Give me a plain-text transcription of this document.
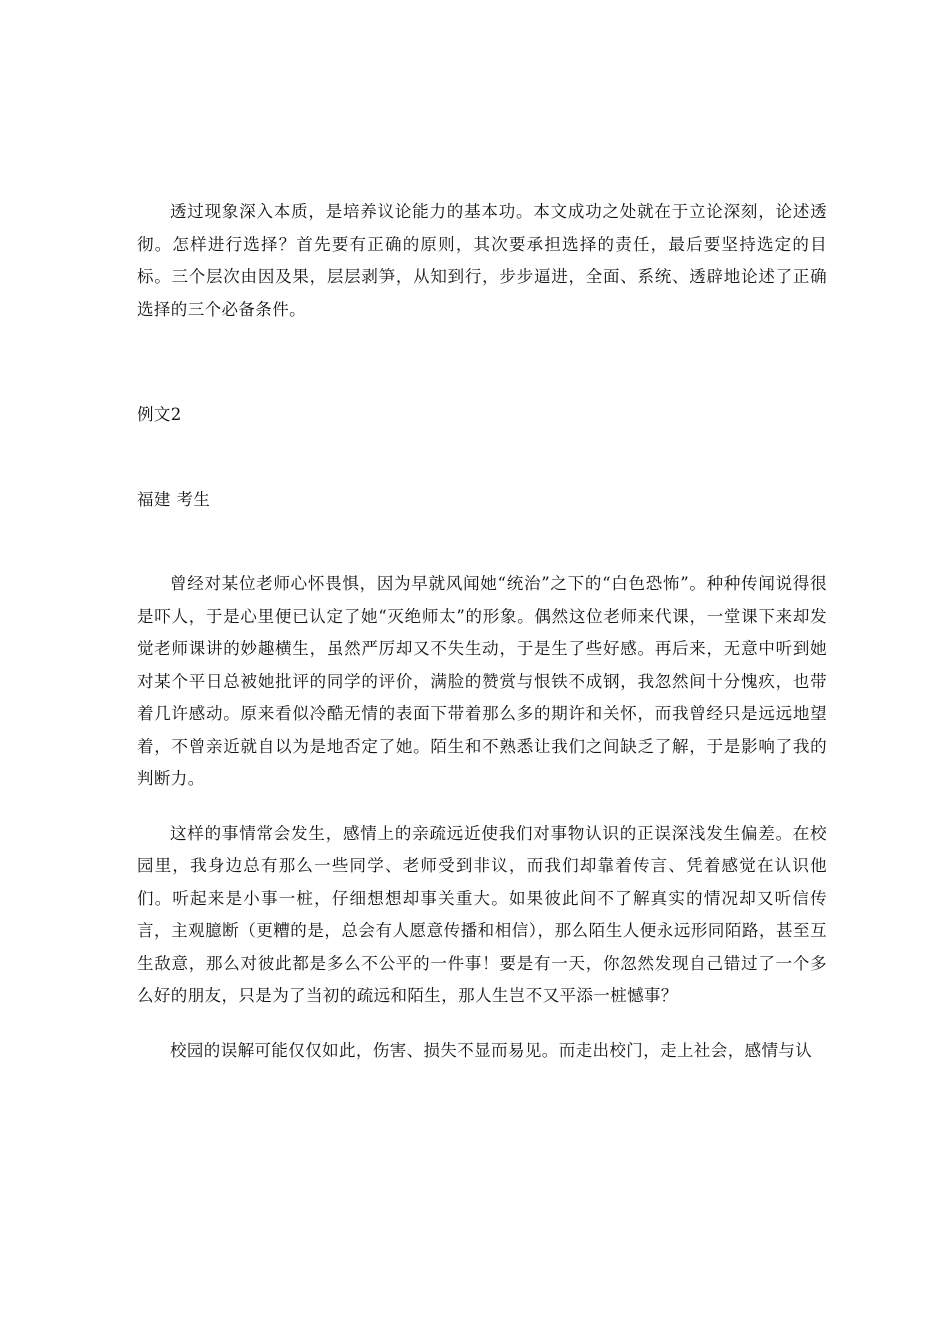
透过现象深入本质，是培养议论能力的基本功。本文成功之处就在于立论深刻，论述透彻。怎样进行选择？首先要有正确的原则，其次要承担选择的责任，最后要坚持选定的目标。三个层次由因及果，层层剥笋，从知到行，步步逼进，全面、系统、透辟地论述了正确选择的三个必备条件。

例文2

福建 考生

曾经对某位老师心怀畏惧，因为早就风闻她“统治”之下的“白色恐怖”。种种传闻说得很是吓人，于是心里便已认定了她“灭绝师太”的形象。偶然这位老师来代课，一堂课下来却发觉老师课讲的妙趣横生，虽然严厉却又不失生动，于是生了些好感。再后来，无意中听到她对某个平日总被她批评的同学的评价，满脸的赞赏与恨铁不成钢，我忽然间十分愧疚，也带着几许感动。原来看似冷酷无情的表面下带着那么多的期许和关怀，而我曾经只是远远地望着，不曾亲近就自以为是地否定了她。陌生和不熟悉让我们之间缺乏了解，于是影响了我的判断力。

这样的事情常会发生，感情上的亲疏远近使我们对事物认识的正误深浅发生偏差。在校园里，我身边总有那么一些同学、老师受到非议，而我们却靠着传言、凭着感觉在认识他们。听起来是小事一桩，仔细想想却事关重大。如果彼此间不了解真实的情况却又听信传言，主观臆断（更糟的是，总会有人愿意传播和相信），那么陌生人便永远形同陌路，甚至互生敌意，那么对彼此都是多么不公平的一件事！要是有一天，你忽然发现自己错过了一个多么好的朋友，只是为了当初的疏远和陌生，那人生岂不又平添一桩憾事？

校园的误解可能仅仅如此，伤害、损失不显而易见。而走出校门，走上社会，感情与认
